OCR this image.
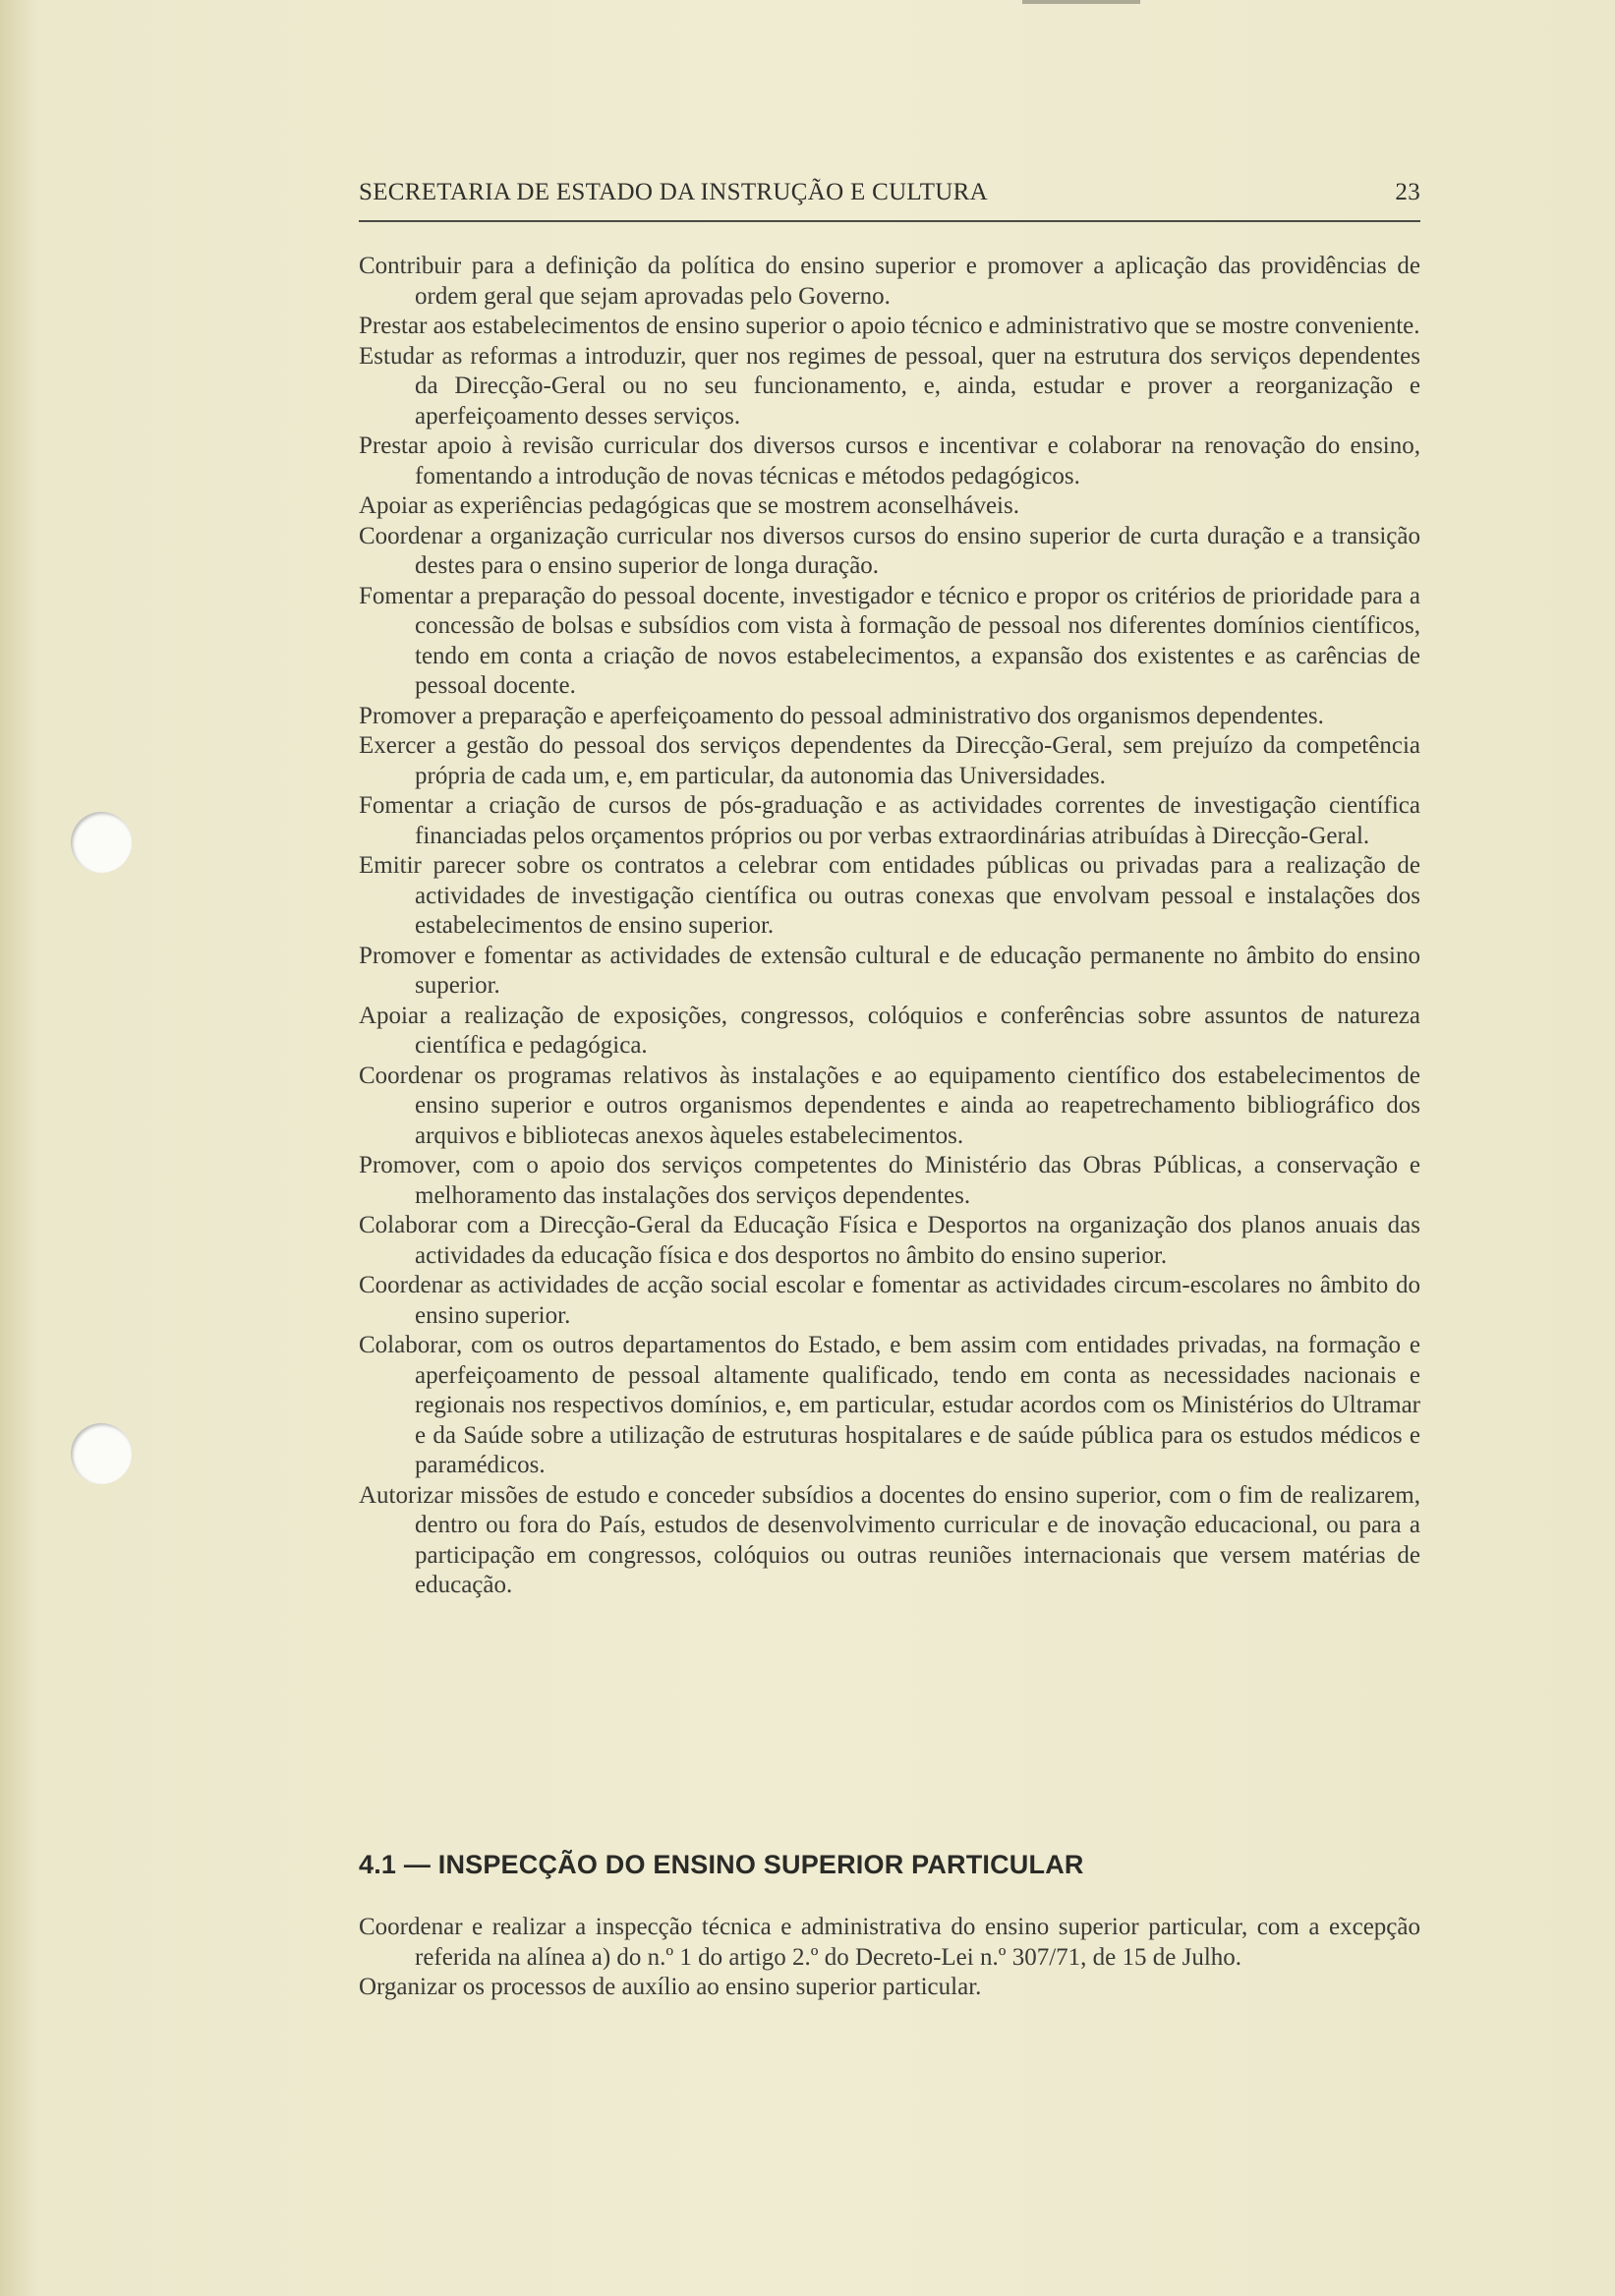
SECRETARIA DE ESTADO DA INSTRUÇÃO E CULTURA	23

Contribuir para a definição da política do ensino superior e promover a aplicação das providências de ordem geral que sejam aprovadas pelo Governo.

Prestar aos estabelecimentos de ensino superior o apoio técnico e administrativo que se mostre conveniente.

Estudar as reformas a introduzir, quer nos regimes de pessoal, quer na estrutura dos serviços dependentes da Direcção-Geral ou no seu funcionamento, e, ainda, estudar e prover a reorganização e aperfeiçoamento desses serviços.

Prestar apoio à revisão curricular dos diversos cursos e incentivar e colaborar na renovação do ensino, fomentando a introdução de novas técnicas e métodos pedagógicos.

Apoiar as experiências pedagógicas que se mostrem aconselháveis.

Coordenar a organização curricular nos diversos cursos do ensino superior de curta duração e a transição destes para o ensino superior de longa duração.

Fomentar a preparação do pessoal docente, investigador e técnico e propor os critérios de prioridade para a concessão de bolsas e subsídios com vista à formação de pessoal nos diferentes domínios científicos, tendo em conta a criação de novos estabelecimentos, a expansão dos existentes e as carências de pessoal docente.

Promover a preparação e aperfeiçoamento do pessoal administrativo dos organismos dependentes.

Exercer a gestão do pessoal dos serviços dependentes da Direcção-Geral, sem prejuízo da competência própria de cada um, e, em particular, da autonomia das Universidades.

Fomentar a criação de cursos de pós-graduação e as actividades correntes de investigação científica financiadas pelos orçamentos próprios ou por verbas extraordinárias atribuídas à Direcção-Geral.

Emitir parecer sobre os contratos a celebrar com entidades públicas ou privadas para a realização de actividades de investigação científica ou outras conexas que envolvam pessoal e instalações dos estabelecimentos de ensino superior.

Promover e fomentar as actividades de extensão cultural e de educação permanente no âmbito do ensino superior.

Apoiar a realização de exposições, congressos, colóquios e conferências sobre assuntos de natureza científica e pedagógica.

Coordenar os programas relativos às instalações e ao equipamento científico dos estabelecimentos de ensino superior e outros organismos dependentes e ainda ao reapetrechamento bibliográfico dos arquivos e bibliotecas anexos àqueles estabelecimentos.

Promover, com o apoio dos serviços competentes do Ministério das Obras Públicas, a conservação e melhoramento das instalações dos serviços dependentes.

Colaborar com a Direcção-Geral da Educação Física e Desportos na organização dos planos anuais das actividades da educação física e dos desportos no âmbito do ensino superior.

Coordenar as actividades de acção social escolar e fomentar as actividades circum-escolares no âmbito do ensino superior.

Colaborar, com os outros departamentos do Estado, e bem assim com entidades privadas, na formação e aperfeiçoamento de pessoal altamente qualificado, tendo em conta as necessidades nacionais e regionais nos respectivos domínios, e, em particular, estudar acordos com os Ministérios do Ultramar e da Saúde sobre a utilização de estruturas hospitalares e de saúde pública para os estudos médicos e paramédicos.

Autorizar missões de estudo e conceder subsídios a docentes do ensino superior, com o fim de realizarem, dentro ou fora do País, estudos de desenvolvimento curricular e de inovação educacional, ou para a participação em congressos, colóquios ou outras reuniões internacionais que versem matérias de educação.

4.1 — INSPECÇÃO DO ENSINO SUPERIOR PARTICULAR

Coordenar e realizar a inspecção técnica e administrativa do ensino superior particular, com a excepção referida na alínea a) do n.º 1 do artigo 2.º do Decreto-Lei n.º 307/71, de 15 de Julho.

Organizar os processos de auxílio ao ensino superior particular.
